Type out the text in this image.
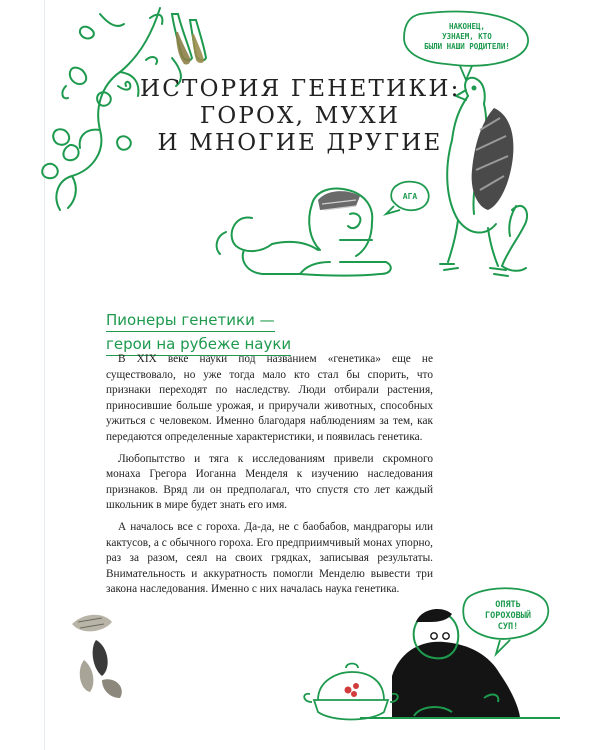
ИСТОРИЯ ГЕНЕТИКИ:
ГОРОХ, МУХИ
И МНОГИЕ ДРУГИЕ
НАКОНЕЦ,
УЗНАЕМ, КТО
БЫЛИ НАШИ РОДИТЕЛИ!
АГА
ОПЯТЬ
ГОРОХОВЫЙ
СУП!
Пионеры генетики —
герои на рубеже науки

В XIX веке науки под названием «генетика» еще не существовало, но уже тогда мало кто стал бы спорить, что признаки переходят по наследству. Люди отбирали растения, приносившие больше урожая, и приручали животных, способных ужиться с человеком. Именно благодаря наблюдениям за тем, как передаются определенные характеристики, и появилась генетика.

Любопытство и тяга к исследованиям привели скромного монаха Грегора Иоганна Менделя к изучению наследования признаков. Вряд ли он предполагал, что спустя сто лет каждый школьник в мире будет знать его имя.

А началось все с гороха. Да-да, не с баобабов, мандрагоры или кактусов, а с обычного гороха. Его предприимчивый монах упорно, раз за разом, сеял на своих грядках, записывая результаты. Внимательность и аккуратность помогли Менделю вывести три закона наследования. Именно с них началась наука генетика.
